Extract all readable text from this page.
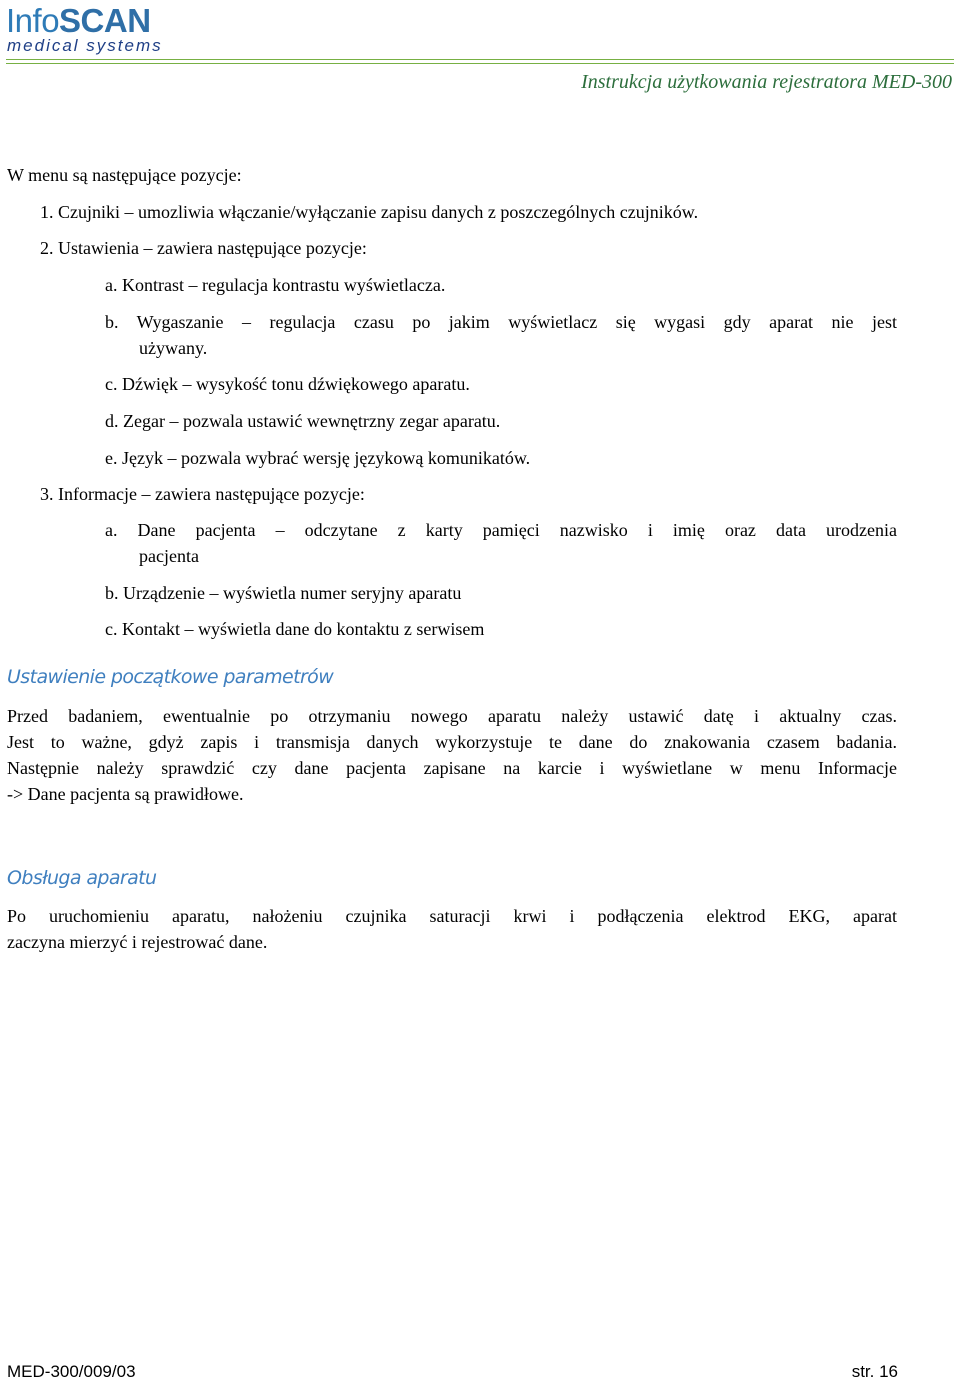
InfoSCAN
medical systems
Instrukcja użytkowania rejestratora MED-300
W menu są następujące pozycje:
1. Czujniki – umozliwia włączanie/wyłączanie zapisu danych z poszczególnych czujników.
2. Ustawienia – zawiera następujące pozycje:
a. Kontrast – regulacja kontrastu wyświetlacza.
b. Wygaszanie – regulacja czasu po jakim wyświetlacz się wygasi gdy aparat nie jest
używany.
c. Dźwięk – wysykość tonu dźwiękowego aparatu.
d. Zegar – pozwala ustawić wewnętrzny zegar aparatu.
e. Język – pozwala wybrać wersję językową komunikatów.
3. Informacje – zawiera następujące pozycje:
a. Dane pacjenta – odczytane z karty pamięci nazwisko i imię oraz data urodzenia
pacjenta
b. Urządzenie – wyświetla numer seryjny aparatu
c. Kontakt – wyświetla dane do kontaktu z serwisem
Ustawienie początkowe parametrów
Przed badaniem, ewentualnie po otrzymaniu nowego aparatu należy ustawić datę i aktualny czas.
Jest to ważne, gdyż zapis i transmisja danych wykorzystuje te dane do znakowania czasem badania.
Następnie należy sprawdzić czy dane pacjenta zapisane na karcie i wyświetlane w menu Informacje
-> Dane pacjenta są prawidłowe.
Obsługa aparatu
Po uruchomieniu aparatu, nałożeniu czujnika saturacji krwi i podłączenia elektrod EKG, aparat
zaczyna mierzyć i rejestrować dane.
MED-300/009/03	str. 16
